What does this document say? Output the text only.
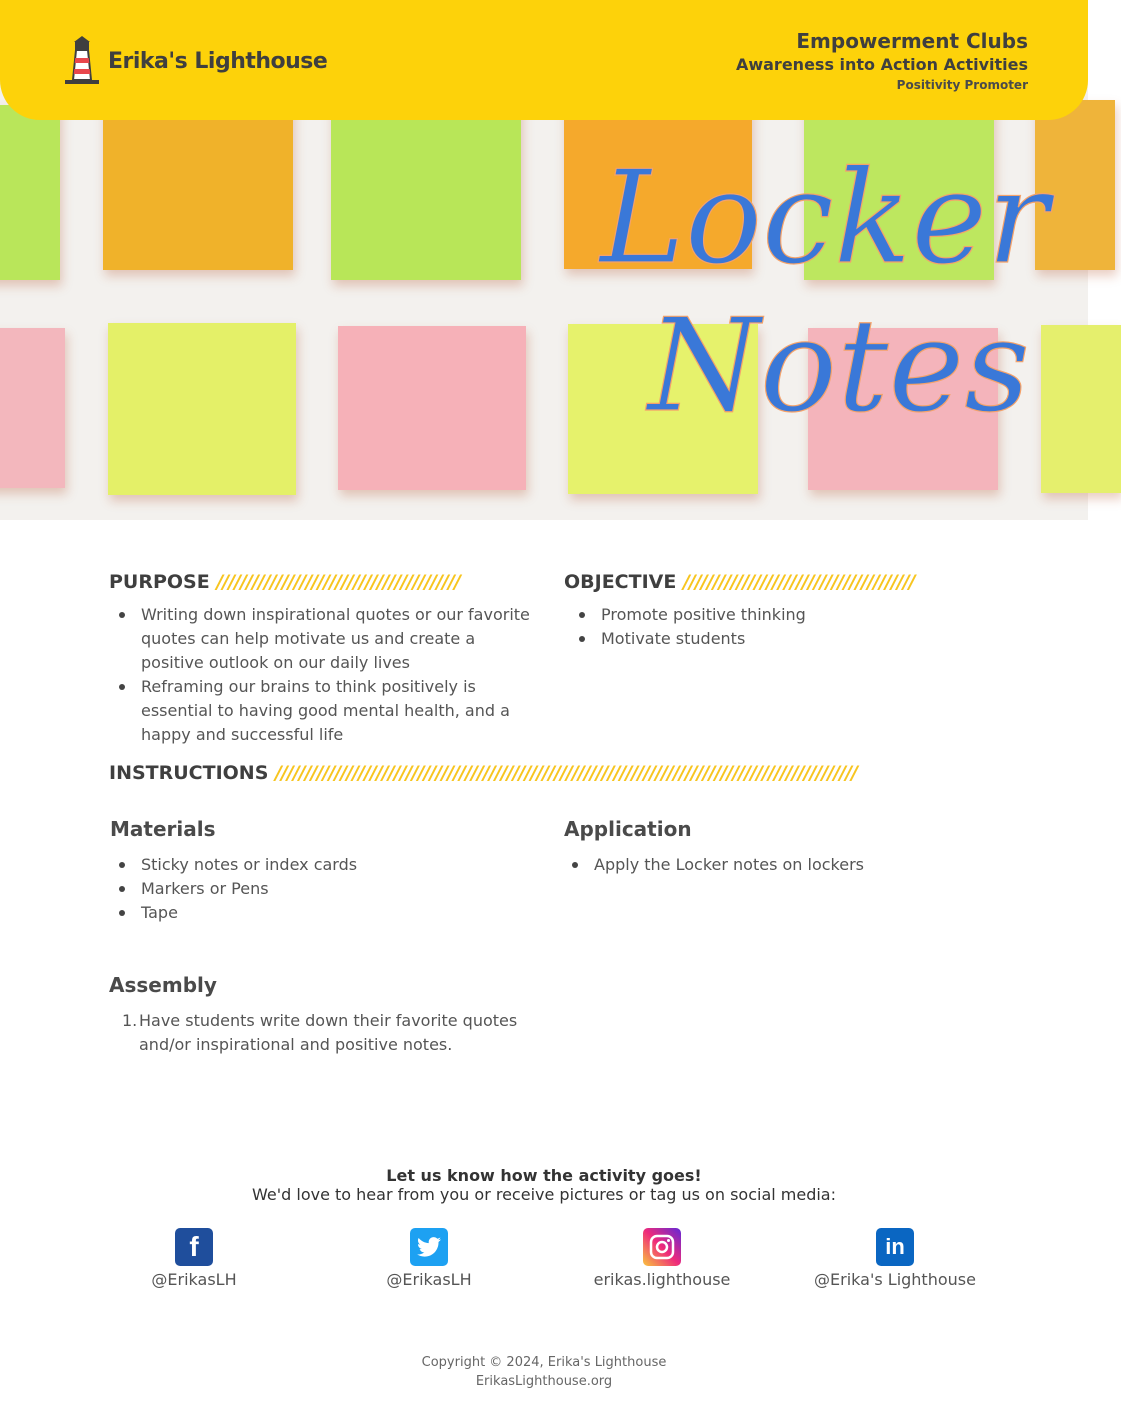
Locker
Notes
Erika's Lighthouse
Empowerment Clubs
Awareness into Action Activities
Positivity Promoter
PURPOSE /////////////////////////////////////////
Writing down inspirational quotes or our favorite quotes can help motivate us and create a positive outlook on our daily lives
Reframing our brains to think positively is essential to having good mental health, and a happy and successful life
OBJECTIVE ///////////////////////////////////////
Promote positive thinking
Motivate students
INSTRUCTIONS //////////////////////////////////////////////////////////////////////////////////////////////////
Materials
Sticky notes or index cards
Markers or Pens
Tape
Application
Apply the Locker notes on lockers
Assembly
1. Have students write down their favorite quotes and/or inspirational and positive notes.
Let us know how the activity goes!
We'd love to hear from you or receive pictures or tag us on social media:
f
@ErikasLH	@ErikasLH	erikas.lighthouse
in
@Erika's Lighthouse
Copyright © 2024, Erika's Lighthouse
ErikasLighthouse.org
